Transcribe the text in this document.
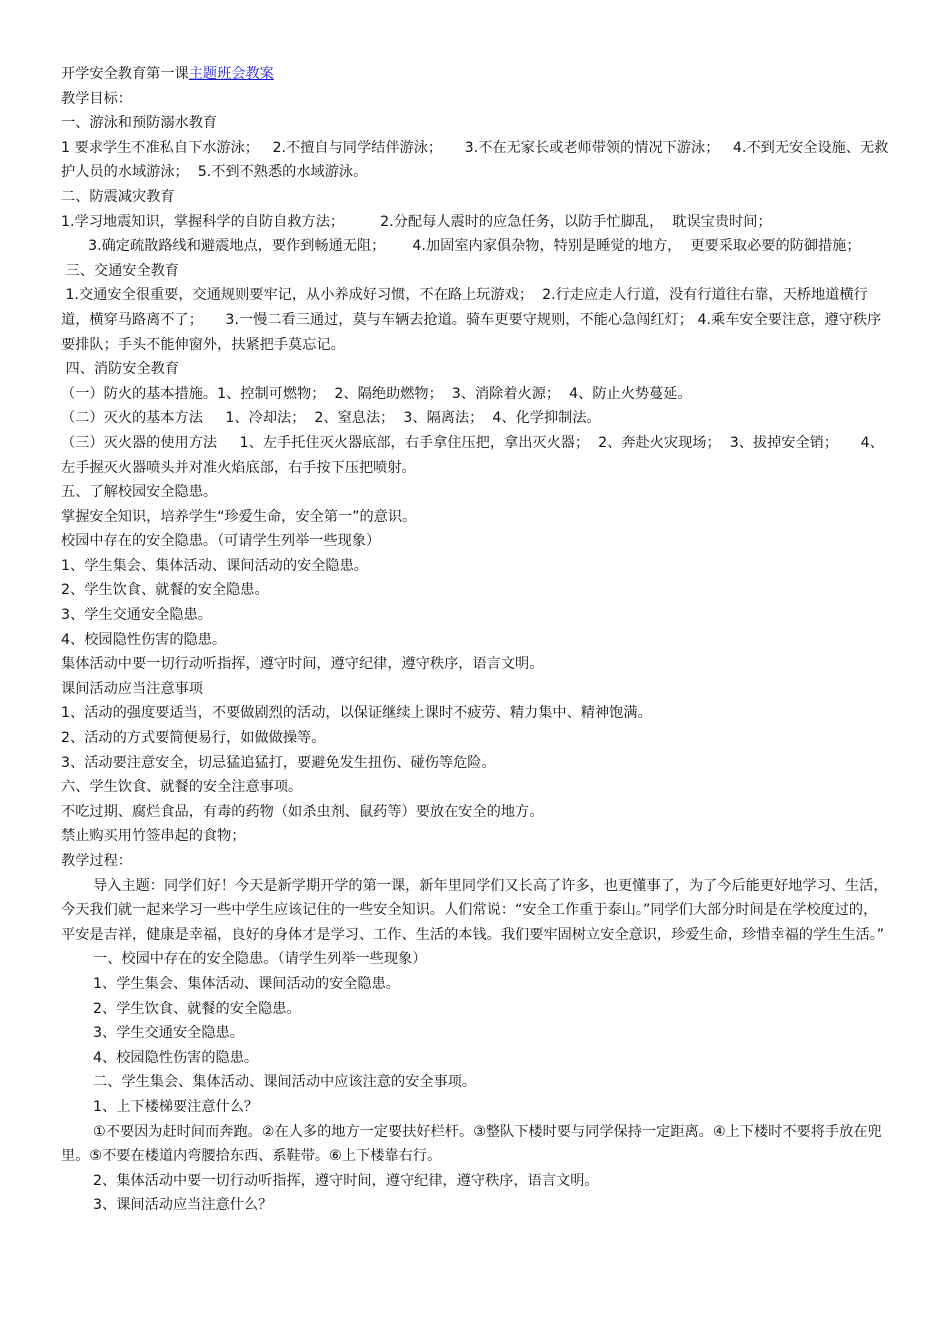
开学安全教育第一课主题班会教案

教学目标：

一、游泳和预防溺水教育

1 要求学生不准私自下水游泳；   2.不擅自与同学结伴游泳；     3.不在无家长或老师带领的情况下游泳；   4.不到无安全设施、无救护人员的水域游泳；  5.不到不熟悉的水域游泳。

二、防震减灾教育

1.学习地震知识，掌握科学的自防自救方法；        2.分配每人震时的应急任务，以防手忙脚乱，  耽误宝贵时间；

3.确定疏散路线和避震地点，要作到畅通无阻；      4.加固室内家俱杂物，特别是睡觉的地方，  更要采取必要的防御措施；

三、交通安全教育

1.交通安全很重要，交通规则要牢记，从小养成好习惯，不在路上玩游戏；  2.行走应走人行道，没有行道往右靠，天桥地道横行道，横穿马路离不了；     3.一慢二看三通过，莫与车辆去抢道。骑车更要守规则，不能心急闯红灯； 4.乘车安全要注意，遵守秩序要排队；手头不能伸窗外，扶紧把手莫忘记。

四、消防安全教育

（一）防火的基本措施。1、控制可燃物；  2、隔绝助燃物；  3、消除着火源；  4、防止火势蔓延。

（二）灭火的基本方法     1、冷却法；  2、窒息法；  3、隔离法；  4、化学抑制法。

（三）灭火器的使用方法     1、左手托住灭火器底部，右手拿住压把，拿出灭火器；  2、奔赴火灾现场；  3、拔掉安全销；     4、左手握灭火器喷头并对准火焰底部，右手按下压把喷射。

五、了解校园安全隐患。

掌握安全知识，培养学生“珍爱生命，安全第一”的意识。

校园中存在的安全隐患。（可请学生列举一些现象）

1、学生集会、集体活动、课间活动的安全隐患。

2、学生饮食、就餐的安全隐患。

3、学生交通安全隐患。

4、校园隐性伤害的隐患。

集体活动中要一切行动听指挥，遵守时间，遵守纪律，遵守秩序，语言文明。

课间活动应当注意事项

1、活动的强度要适当，不要做剧烈的活动，以保证继续上课时不疲劳、精力集中、精神饱满。

2、活动的方式要简便易行，如做做操等。

3、活动要注意安全，切忌猛追猛打，要避免发生扭伤、碰伤等危险。

六、学生饮食、就餐的安全注意事项。

不吃过期、腐烂食品，有毒的药物（如杀虫剂、鼠药等）要放在安全的地方。

禁止购买用竹签串起的食物；

教学过程：

导入主题：同学们好！今天是新学期开学的第一课，新年里同学们又长高了许多，也更懂事了，为了今后能更好地学习、生活，今天我们就一起来学习一些中学生应该记住的一些安全知识。人们常说：“安全工作重于泰山。”同学们大部分时间是在学校度过的，平安是吉祥，健康是幸福，良好的身体才是学习、工作、生活的本钱。我们要牢固树立安全意识，珍爱生命，珍惜幸福的学生生活。”

一、校园中存在的安全隐患。（请学生列举一些现象）

1、学生集会、集体活动、课间活动的安全隐患。

2、学生饮食、就餐的安全隐患。

3、学生交通安全隐患。

4、校园隐性伤害的隐患。

二、学生集会、集体活动、课间活动中应该注意的安全事项。

1、上下楼梯要注意什么？

①不要因为赶时间而奔跑。②在人多的地方一定要扶好栏杆。③整队下楼时要与同学保持一定距离。④上下楼时不要将手放在兜里。⑤不要在楼道内弯腰拾东西、系鞋带。⑥上下楼靠右行。

2、集体活动中要一切行动听指挥，遵守时间，遵守纪律，遵守秩序，语言文明。

3、课间活动应当注意什么？
